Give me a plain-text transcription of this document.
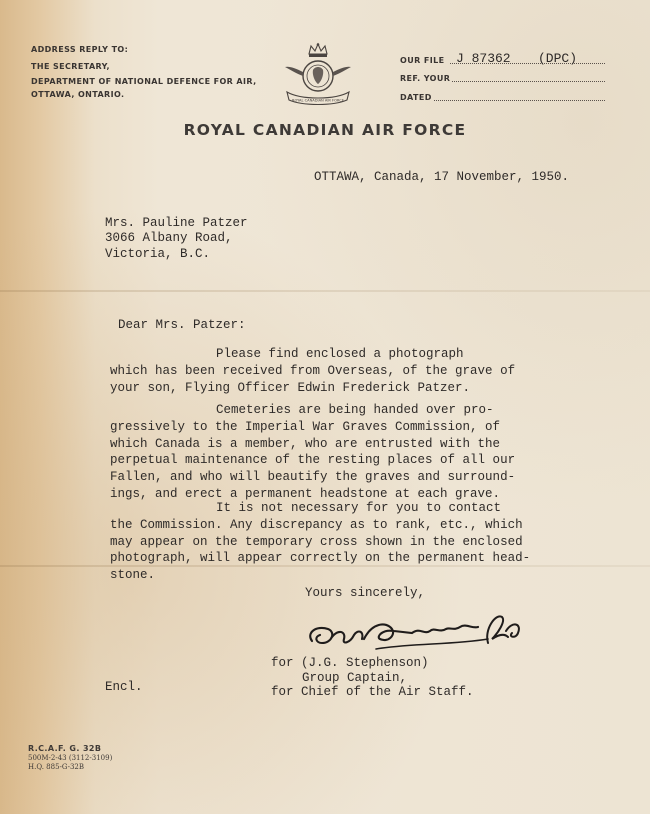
ADDRESS REPLY TO:
THE SECRETARY,
DEPARTMENT OF NATIONAL DEFENCE FOR AIR,
OTTAWA, ONTARIO.
ROYAL CANADIAN AIR FORCE
OUR FILE J 87362 (DPC)
REF. YOUR
DATED
ROYAL CANADIAN AIR FORCE
OTTAWA, Canada, 17 November, 1950.
Mrs. Pauline Patzer
3066 Albany Road,
Victoria, B.C.
Dear Mrs. Patzer:
Please find enclosed a photograph
which has been received from Overseas, of the grave of
your son, Flying Officer Edwin Frederick Patzer.
Cemeteries are being handed over pro-
gressively to the Imperial War Graves Commission, of
which Canada is a member, who are entrusted with the
perpetual maintenance of the resting places of all our
Fallen, and who will beautify the graves and surround-
ings, and erect a permanent headstone at each grave.
It is not necessary for you to contact
the Commission. Any discrepancy as to rank, etc., which
may appear on the temporary cross shown in the enclosed
photograph, will appear correctly on the permanent head-
stone.
Yours sincerely,
for (J.G. Stephenson)
Group Captain,
for Chief of the Air Staff.
Encl.
R.C.A.F. G. 32B
500M-2-43 (3112-3109)
H.Q. 885-G-32B
